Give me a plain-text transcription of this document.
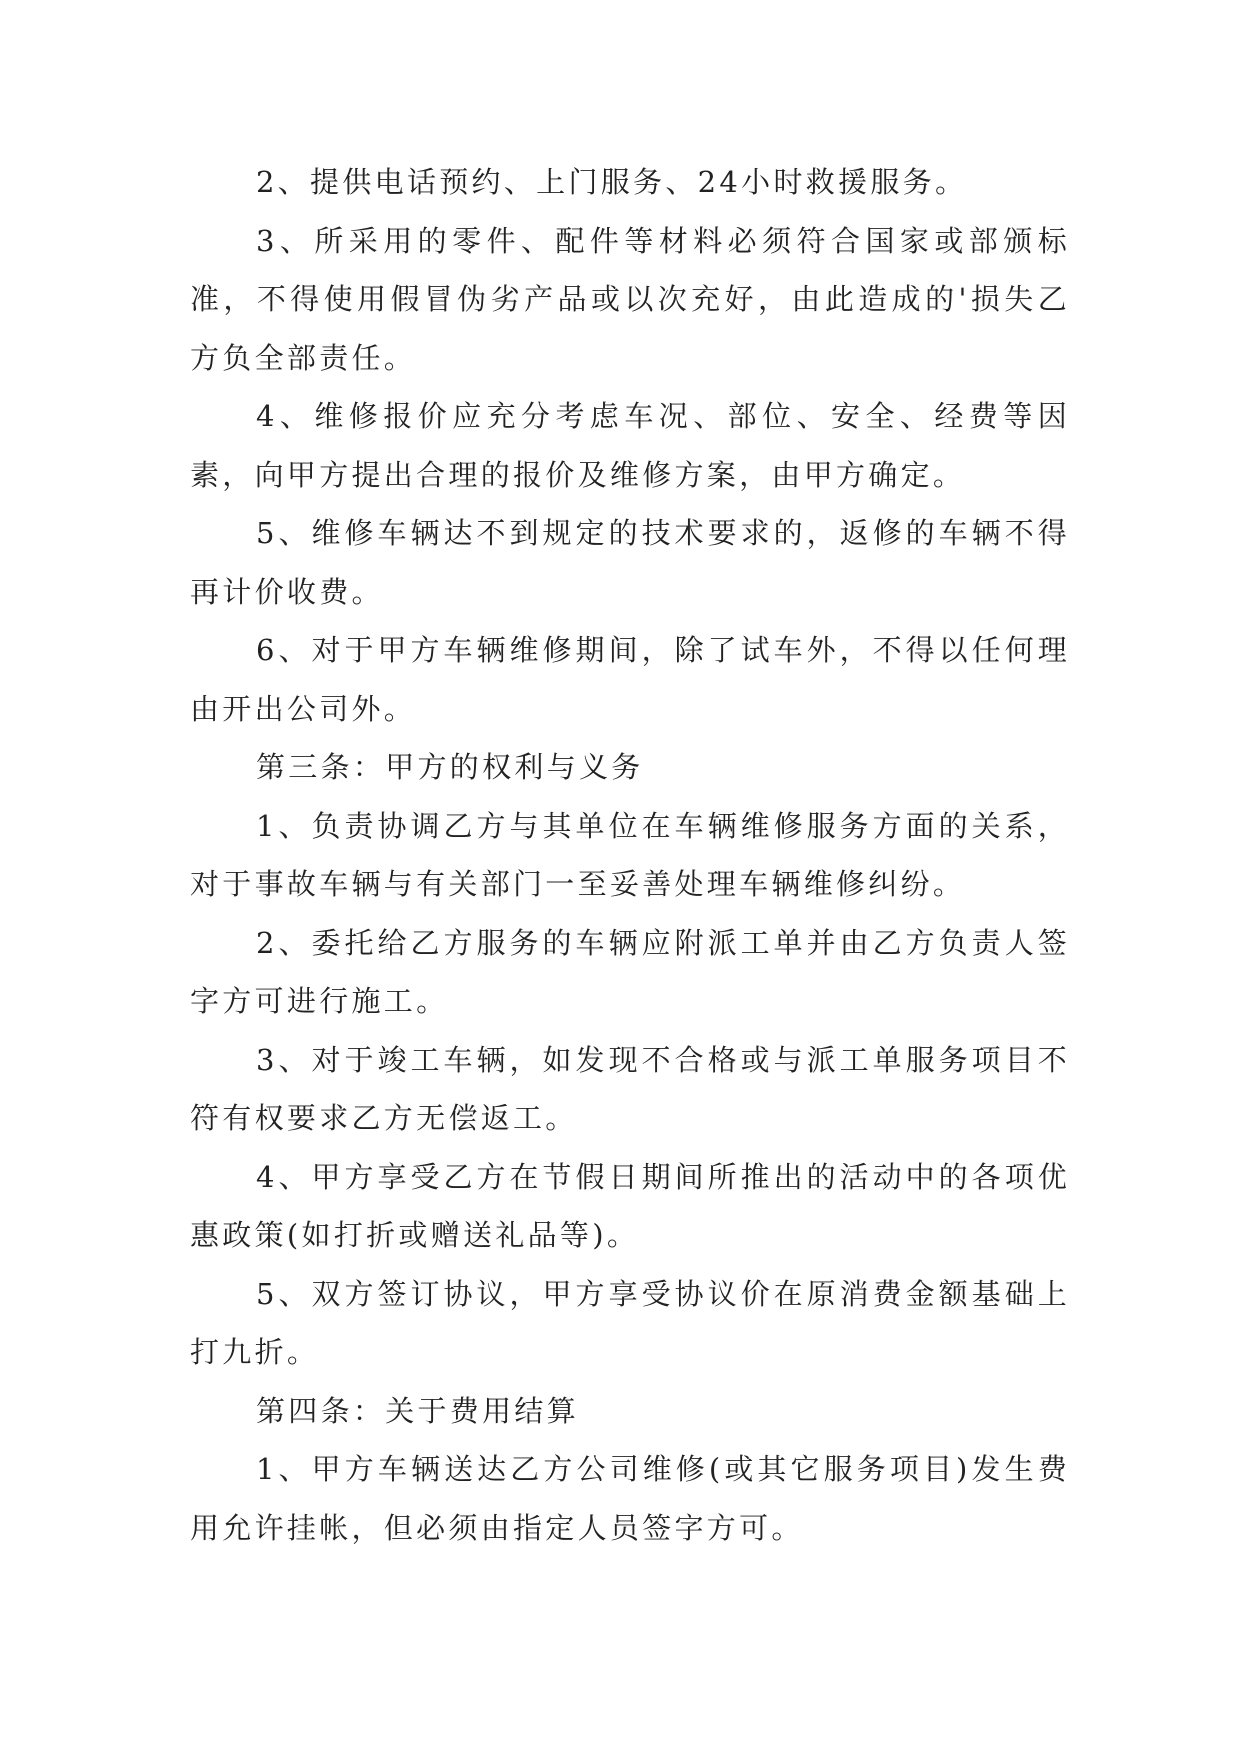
2、提供电话预约、上门服务、24小时救援服务。

3、所采用的零件、配件等材料必须符合国家或部颁标准，不得使用假冒伪劣产品或以次充好，由此造成的'损失乙方负全部责任。

4、维修报价应充分考虑车况、部位、安全、经费等因素，向甲方提出合理的报价及维修方案，由甲方确定。

5、维修车辆达不到规定的技术要求的，返修的车辆不得再计价收费。

6、对于甲方车辆维修期间，除了试车外，不得以任何理由开出公司外。

第三条：甲方的权利与义务

1、负责协调乙方与其单位在车辆维修服务方面的关系，对于事故车辆与有关部门一至妥善处理车辆维修纠纷。

2、委托给乙方服务的车辆应附派工单并由乙方负责人签字方可进行施工。

3、对于竣工车辆，如发现不合格或与派工单服务项目不符有权要求乙方无偿返工。

4、甲方享受乙方在节假日期间所推出的活动中的各项优惠政策(如打折或赠送礼品等)。

5、双方签订协议，甲方享受协议价在原消费金额基础上打九折。

第四条：关于费用结算

1、甲方车辆送达乙方公司维修(或其它服务项目)发生费用允许挂帐，但必须由指定人员签字方可。
